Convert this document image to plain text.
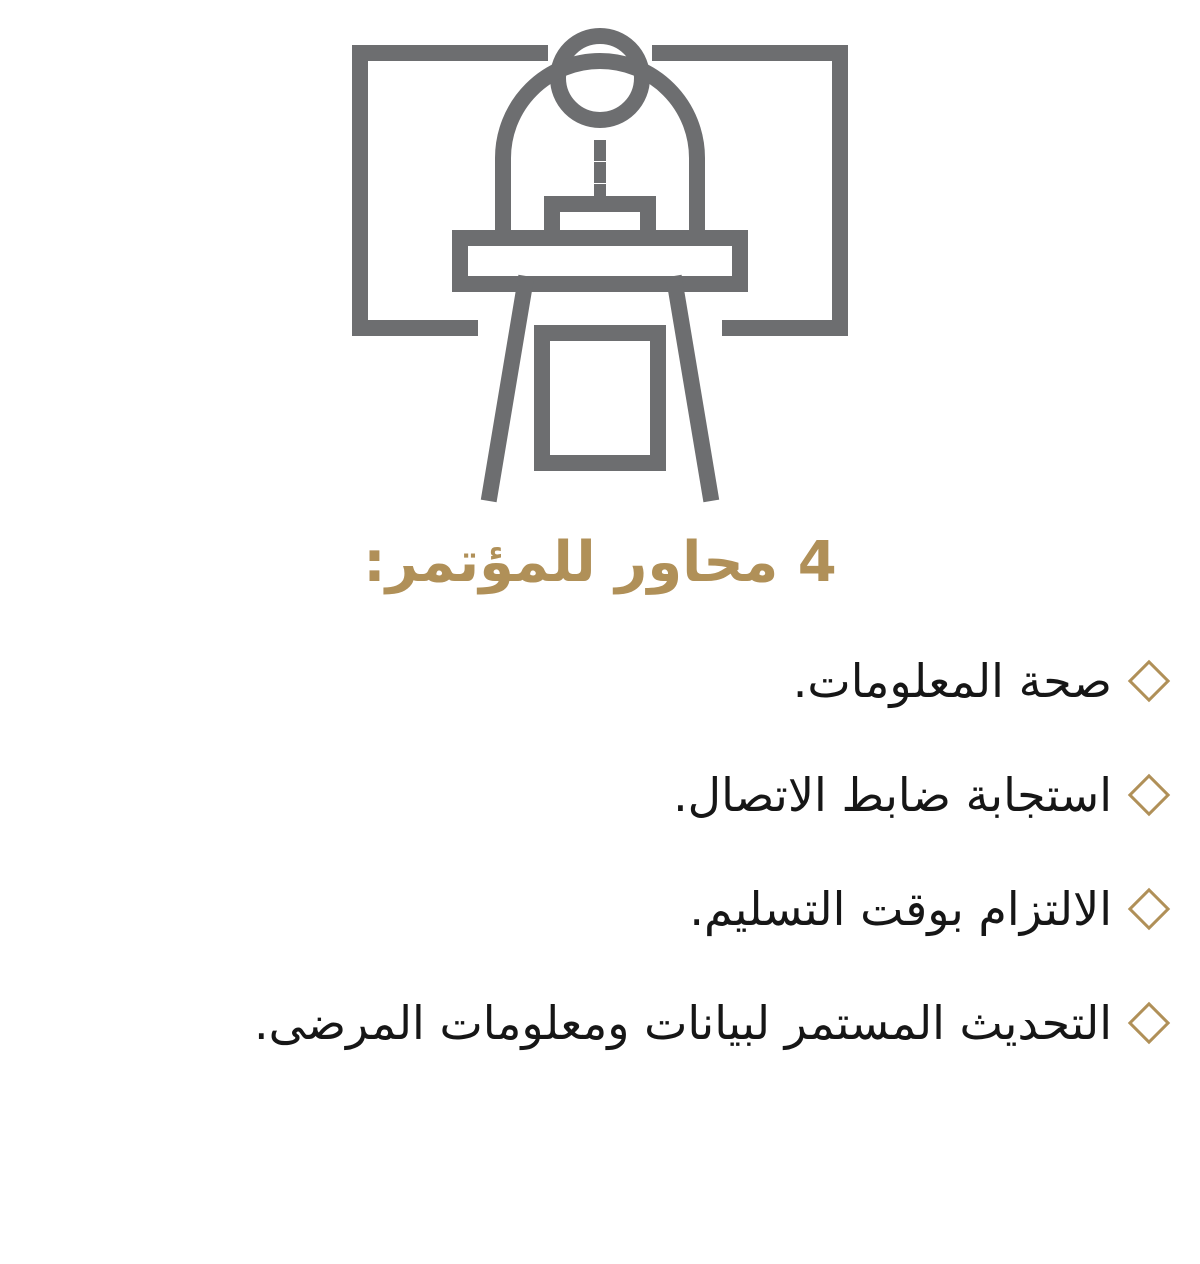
4 محاور للمؤتمر:
صحة المعلومات.
استجابة ضابط الاتصال.
الالتزام بوقت التسليم.
التحديث المستمر لبيانات ومعلومات المرضى.
